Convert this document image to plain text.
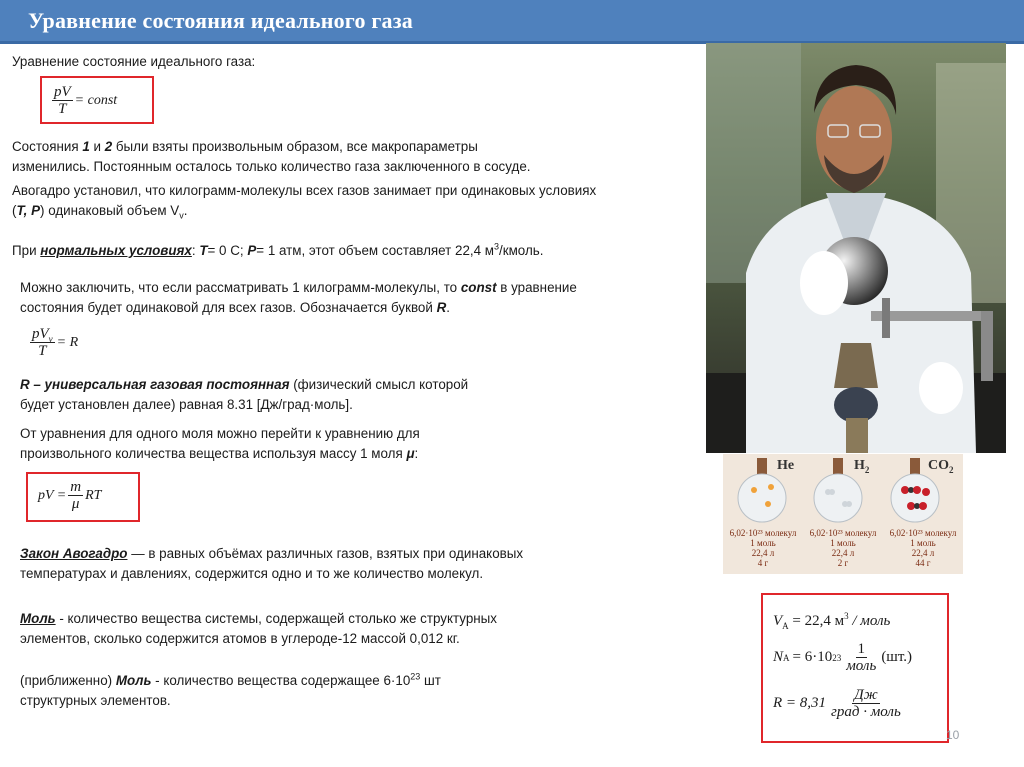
Уравнение состояния идеального газа
Уравнение состояние идеального газа:
$\frac{pV}{T}$ = const
Состояния 1 и 2 были взяты произвольным образом, все макропараметры
изменились. Постоянным осталось только количество газа заключенного в сосуде.
Авогадро установил, что килограмм-молекулы всех газов занимает при одинаковых условиях
(T, P) одинаковый объем $V_v$.
При нормальных условиях: T= 0 С; P= 1 атм, этот объем составляет 22,4 $м^3$/кмоль.
Можно заключить, что если рассматривать 1 килограмм-молекулы, то const в уравнение
состояния будет одинаковой для всех газов. Обозначается буквой R.
$\frac{pV_v}{T} = R$
R – универсальная газовая постоянная (физический смысл которой
будет установлен далее) равная 8.31 [Дж/град·моль].
От уравнения для одного моля можно перейти к уравнению для
произвольного количества вещества используя массу 1 моля μ:
pV = $\frac{m}{\mu}$ RT
Закон Авогадро — в равных объёмах различных газов, взятых при одинаковых
температурах и давлениях, содержится одно и то же количество молекул.
Моль - количество вещества системы, содержащей столько же структурных
элементов, сколько содержится атомов в углероде-12 массой 0,012 кг.
(приближенно) Моль - количество вещества содержащее $6\cdot 10^{23}$ шт
структурных элементов.
$V_A = 22,4$ $м^3$ / моль
N A = 6·10 $23 \frac{1}{\text{моль}} (шт.)$
$R = 8,31 \frac{Дж}{\text{град · моль}}$
10
He	$H_2$	$CO_2$
6,02·10²³ молекул
1 моль
22,4 л
4 г
6,02·10²³ молекул
1 моль
22,4 л
2 г
6,02·10²³ молекул
1 моль
22,4 л
44 г
